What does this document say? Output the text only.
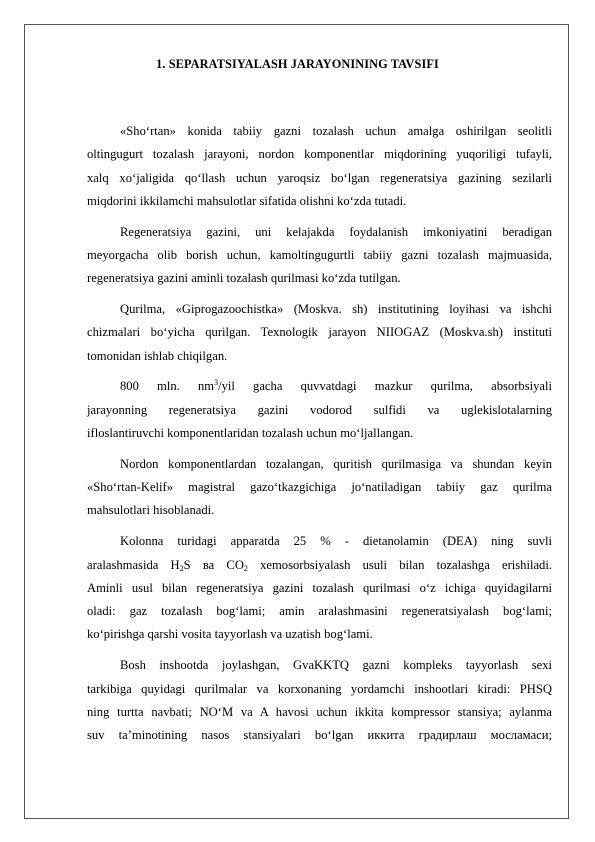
1. SEPARATSIYALASH JARAYONINING TAVSIFI
«Sho‘rtan» konida tabiiy gazni tozalash uchun amalga oshirilgan seolitli
oltingugurt tozalash jarayoni, nordon komponentlar miqdorining yuqoriligi tufayli,
xalq xo‘jaligida qo‘llash uchun yaroqsiz bo‘lgan regeneratsiya gazining sezilarli
miqdorini ikkilamchi mahsulotlar sifatida olishni ko‘zda tutadi.
Regeneratsiya gazini, uni kelajakda foydalanish imkoniyatini beradigan
meyorgacha olib borish uchun, kamoltingugurtli tabiiy gazni tozalash majmuasida,
regeneratsiya gazini aminli tozalash qurilmasi ko‘zda tutilgan.
Qurilma, «Giprogazoochistka» (Moskva. sh) institutining loyihasi va ishchi
chizmalari bo‘yicha qurilgan. Texnologik jarayon NIIOGAZ (Moskva.sh) instituti
tomonidan ishlab chiqilgan.
800 mln. $nm^3$/yil gacha quvvatdagi mazkur qurilma, absorbsiyali
jarayonning regeneratsiya gazini vodorod sulfidi va uglekislotalarning
ifloslantiruvchi komponentlaridan tozalash uchun mo‘ljallangan.
Nordon komponentlardan tozalangan, quritish qurilmasiga va shundan keyin
«Sho‘rtan-Kelif» magistral gazo‘tkazgichiga jo‘natiladigan tabiiy gaz qurilma
mahsulotlari hisoblanadi.
Kolonna turidagi apparatda 25 % - dietanolamin (DEA) ning suvli
aralashmasida $H_2S$ ва $CO_2$ xemosorbsiyalash usuli bilan tozalashga erishiladi.
Aminli usul bilan regeneratsiya gazini tozalash qurilmasi o‘z ichiga quyidagilarni
oladi: gaz tozalash bog‘lami; amin aralashmasini regeneratsiyalash bog‘lami;
ko‘pirishga qarshi vosita tayyorlash va uzatish bog‘lami.
Bosh inshootda joylashgan, GvaKKTQ gazni kompleks tayyorlash sexi
tarkibiga quyidagi qurilmalar va korxonaning yordamchi inshootlari kiradi: PHSQ
ning turtta navbati; NO‘M va A havosi uchun ikkita kompressor stansiya; aylanma
suv ta’minotining nasos stansiyalari bo‘lgan иккита градирлаш мосламаси;
